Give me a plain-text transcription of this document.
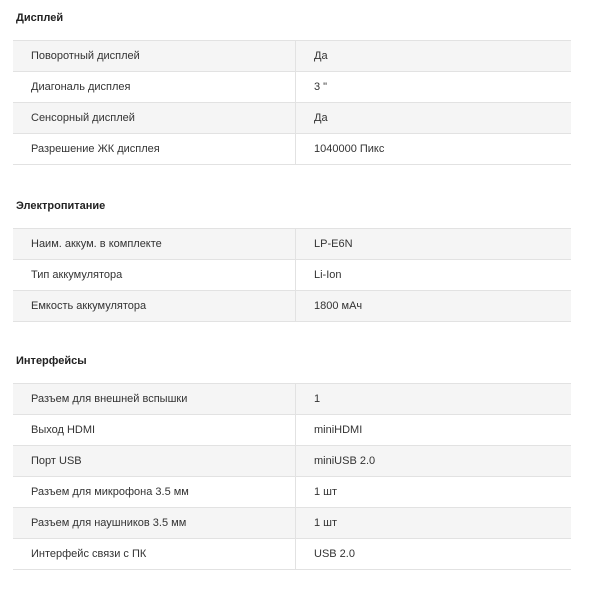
Дисплей
Поворотный дисплей	Да
Диагональ дисплея	3 "
Сенсорный дисплей	Да
Разрешение ЖК дисплея	1040000 Пикс
Электропитание
Наим. аккум. в комплекте	LP-E6N
Тип аккумулятора	Li-Ion
Емкость аккумулятора	1800 мАч
Интерфейсы
Разъем для внешней вспышки	1
Выход HDMI	miniHDMI
Порт USB	miniUSB 2.0
Разъем для микрофона 3.5 мм	1 шт
Разъем для наушников 3.5 мм	1 шт
Интерфейс связи с ПК	USB 2.0
